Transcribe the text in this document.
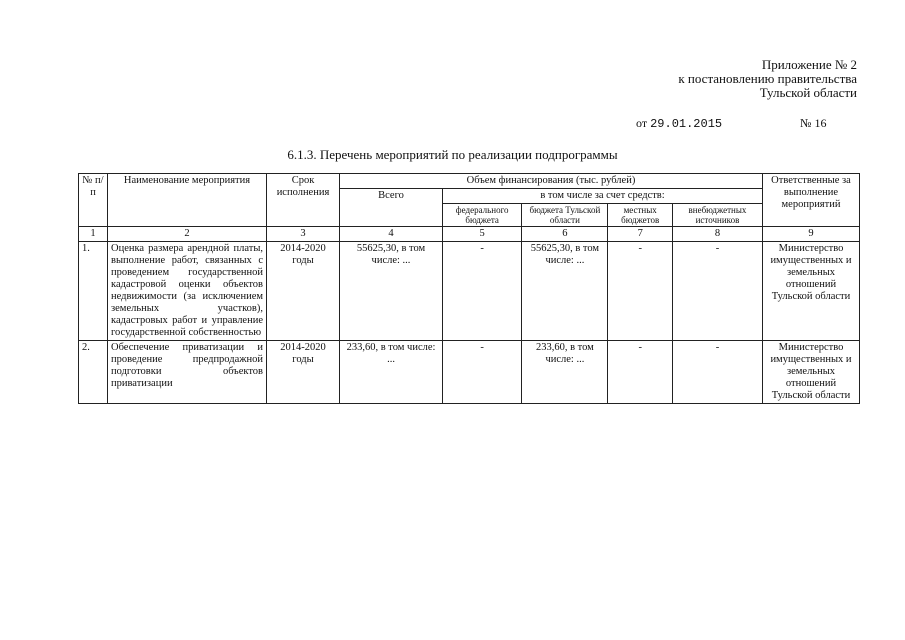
Приложение № 2
к постановлению правительства
Тульской области
от 29.01.2015	№ 16
6.1.3. Перечень мероприятий по реализации подпрограммы
№ п/п	Наименование мероприятия	Срок исполнения	Объем финансирования (тыс. рублей)					Ответственные за выполнение мероприятий
			Всего	в том числе за счет средств:				
				федерального бюджета	бюджета Тульской области	местных бюджетов	внебюджетных источников	
1	2	3	4	5	6	7	8	9
1.	Оценка размера арендной платы, выполнение работ, связанных с проведением государственной кадастровой оценки объектов недвижимости (за исключением земельных участков), кадастровых работ и управление государственной собственностью	2014-2020 годы	55625,30, в том числе: ...	-	55625,30, в том числе: ...	-	-	Министерство имущественных и земельных отношений Тульской области
2.	Обеспечение приватизации и проведение предпродажной подготовки объектов приватизации	2014-2020 годы	233,60, в том числе: ...	-	233,60, в том числе: ...	-	-	Министерство имущественных и земельных отношений Тульской области
